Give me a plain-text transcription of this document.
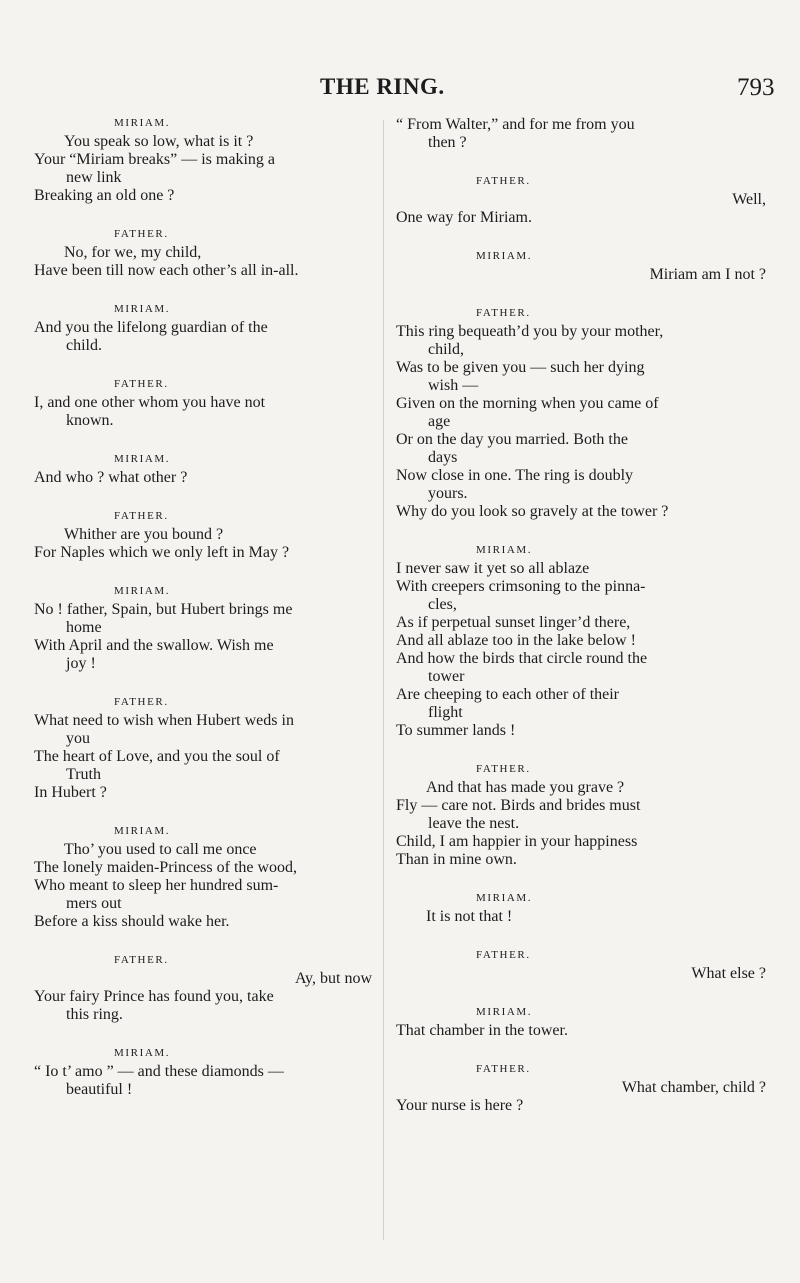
THE RING.	793
MIRIAM.
You speak so low, what is it ?
Your “Miriam breaks” — is making a
new link
Breaking an old one ?
FATHER.
No, for we, my child,
Have been till now each other’s all in-all.
MIRIAM.
And you the lifelong guardian of the
child.
FATHER.
I, and one other whom you have not
known.
MIRIAM.
And who ? what other ?
FATHER.
Whither are you bound ?
For Naples which we only left in May ?
MIRIAM.
No ! father, Spain, but Hubert brings me
home
With April and the swallow. Wish me
joy !
FATHER.
What need to wish when Hubert weds in
you
The heart of Love, and you the soul of
Truth
In Hubert ?
MIRIAM.
Tho’ you used to call me once
The lonely maiden-Princess of the wood,
Who meant to sleep her hundred sum-
mers out
Before a kiss should wake her.
FATHER.
Ay, but now
Your fairy Prince has found you, take
this ring.
MIRIAM.
“ Io t’ amo ” — and these diamonds —
beautiful !
“ From Walter,” and for me from you
then ?
FATHER.
Well,
One way for Miriam.
MIRIAM.
Miriam am I not ?
FATHER.
This ring bequeath’d you by your mother,
child,
Was to be given you — such her dying
wish —
Given on the morning when you came of
age
Or on the day you married. Both the
days
Now close in one. The ring is doubly
yours.
Why do you look so gravely at the tower ?
MIRIAM.
I never saw it yet so all ablaze
With creepers crimsoning to the pinna-
cles,
As if perpetual sunset linger’d there,
And all ablaze too in the lake below !
And how the birds that circle round the
tower
Are cheeping to each other of their
flight
To summer lands !
FATHER.
And that has made you grave ?
Fly — care not. Birds and brides must
leave the nest.
Child, I am happier in your happiness
Than in mine own.
MIRIAM.
It is not that !
FATHER.
What else ?
MIRIAM.
That chamber in the tower.
FATHER.
What chamber, child ?
Your nurse is here ?
